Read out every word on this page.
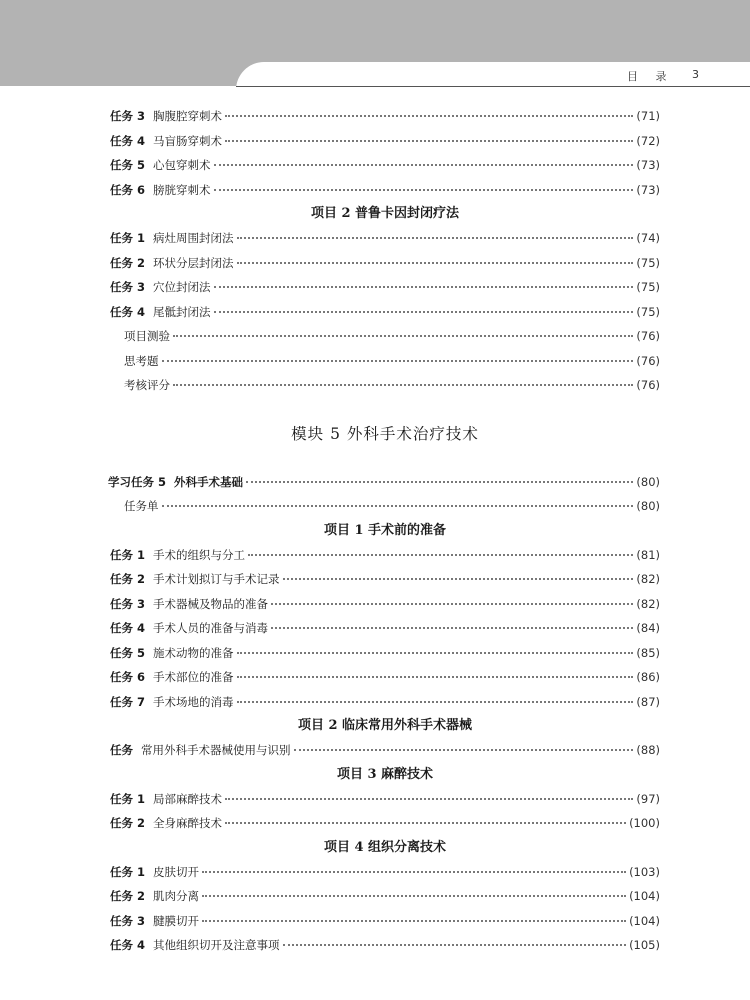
目 录 3
任务 3 胸腹腔穿刺术	(71)
任务 4 马盲肠穿刺术	(72)
任务 5 心包穿刺术	(73)
任务 6 膀胱穿刺术	(73)
项目 2 普鲁卡因封闭疗法
任务 1 病灶周围封闭法	(74)
任务 2 环状分层封闭法	(75)
任务 3 穴位封闭法	(75)
任务 4 尾骶封闭法	(75)
项目测验	(76)
思考题	(76)
考核评分	(76)
模块 5 外科手术治疗技术
学习任务 5 外科手术基础	(80)
任务单	(80)
项目 1 手术前的准备
任务 1 手术的组织与分工	(81)
任务 2 手术计划拟订与手术记录	(82)
任务 3 手术器械及物品的准备	(82)
任务 4 手术人员的准备与消毒	(84)
任务 5 施术动物的准备	(85)
任务 6 手术部位的准备	(86)
任务 7 手术场地的消毒	(87)
项目 2 临床常用外科手术器械
任务 常用外科手术器械使用与识别	(88)
项目 3 麻醉技术
任务 1 局部麻醉技术	(97)
任务 2 全身麻醉技术	(100)
项目 4 组织分离技术
任务 1 皮肤切开	(103)
任务 2 肌肉分离	(104)
任务 3 腱膜切开	(104)
任务 4 其他组织切开及注意事项	(105)
